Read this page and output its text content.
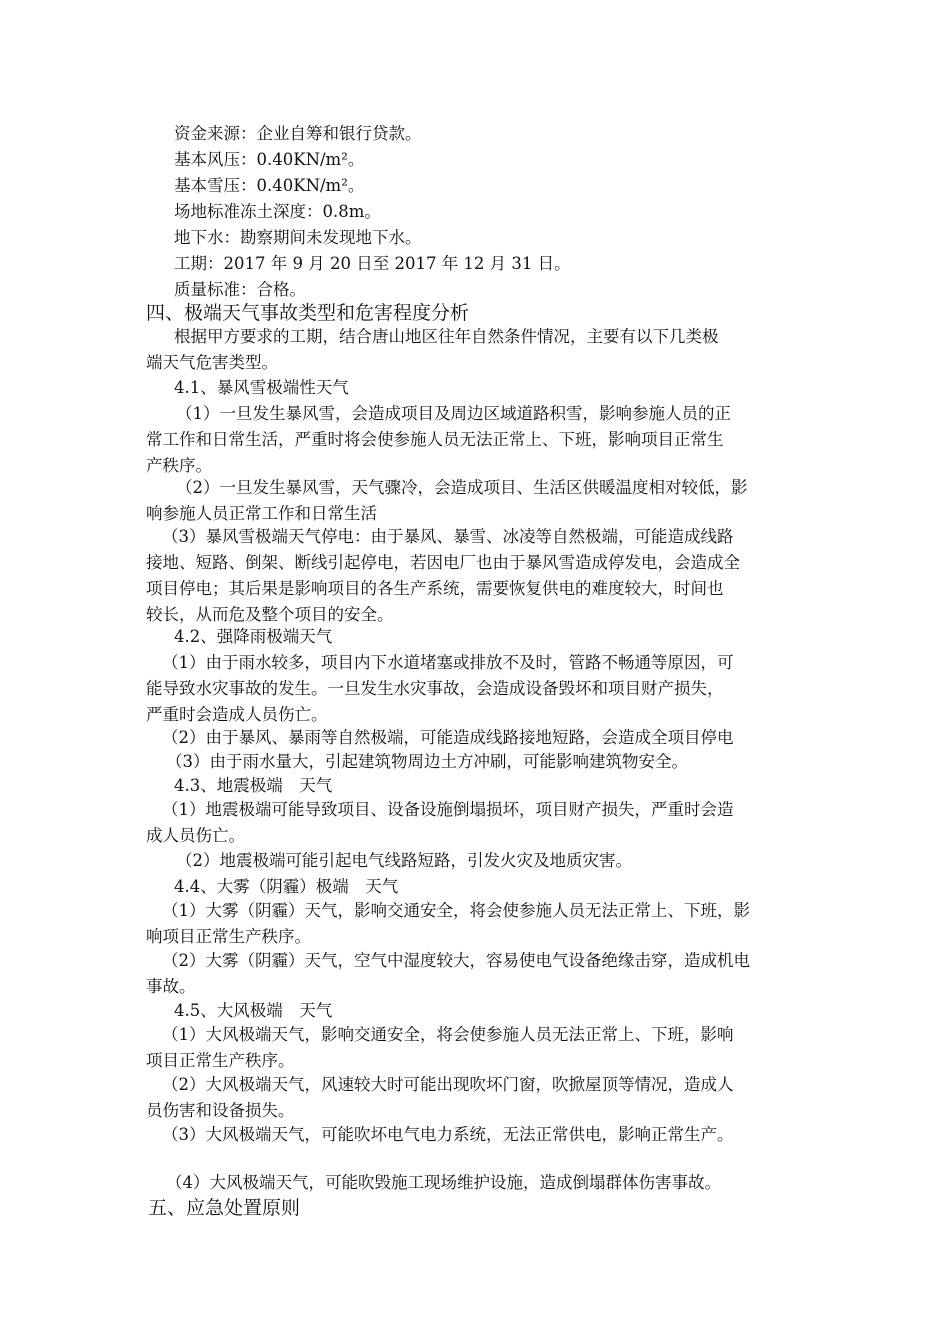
资金来源：企业自筹和银行贷款。
基本风压：0.40KN/m²。
基本雪压：0.40KN/m²。
场地标准冻土深度：0.8m。
地下水：勘察期间未发现地下水。
工期：2017 年 9 月 20 日至 2017 年 12 月 31 日。
质量标准：合格。
四、极端天气事故类型和危害程度分析
根据甲方要求的工期，结合唐山地区往年自然条件情况，主要有以下几类极
端天气危害类型。
4.1、暴风雪极端性天气
（1）一旦发生暴风雪，会造成项目及周边区域道路积雪，影响参施人员的正
常工作和日常生活，严重时将会使参施人员无法正常上、下班，影响项目正常生
产秩序。
（2）一旦发生暴风雪，天气骤冷，会造成项目、生活区供暖温度相对较低，影
响参施人员正常工作和日常生活
（3）暴风雪极端天气停电：由于暴风、暴雪、冰凌等自然极端，可能造成线路
接地、短路、倒架、断线引起停电，若因电厂也由于暴风雪造成停发电，会造成全
项目停电；其后果是影响项目的各生产系统，需要恢复供电的难度较大，时间也
较长，从而危及整个项目的安全。
4.2、强降雨极端天气
（1）由于雨水较多，项目内下水道堵塞或排放不及时，管路不畅通等原因，可
能导致水灾事故的发生。一旦发生水灾事故，会造成设备毁坏和项目财产损失，
严重时会造成人员伤亡。
（2）由于暴风、暴雨等自然极端，可能造成线路接地短路，会造成全项目停电
（3）由于雨水量大，引起建筑物周边土方冲刷，可能影响建筑物安全。
4.3、地震极端　天气
（1）地震极端可能导致项目、设备设施倒塌损坏，项目财产损失，严重时会造
成人员伤亡。
（2）地震极端可能引起电气线路短路，引发火灾及地质灾害。
4.4、大雾（阴霾）极端　天气
（1）大雾（阴霾）天气，影响交通安全，将会使参施人员无法正常上、下班，影
响项目正常生产秩序。
（2）大雾（阴霾）天气，空气中湿度较大，容易使电气设备绝缘击穿，造成机电
事故。
4.5、大风极端　天气
（1）大风极端天气，影响交通安全，将会使参施人员无法正常上、下班，影响
项目正常生产秩序。
（2）大风极端天气，风速较大时可能出现吹坏门窗，吹掀屋顶等情况，造成人
员伤害和设备损失。
（3）大风极端天气，可能吹坏电气电力系统，无法正常供电，影响正常生产。
（4）大风极端天气，可能吹毁施工现场维护设施，造成倒塌群体伤害事故。
五、应急处置原则
